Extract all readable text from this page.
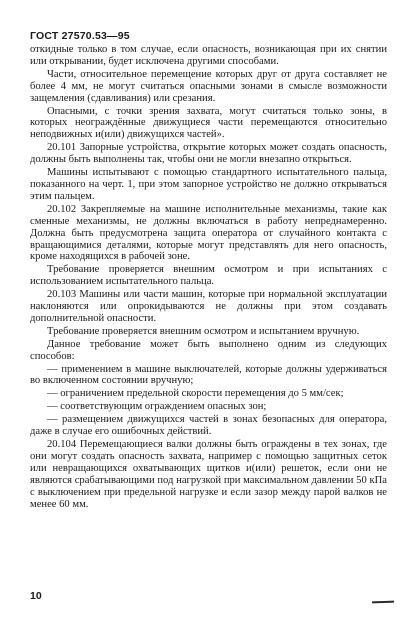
ГОСТ 27570.53—95

откидные только в том случае, если опасность, возникающая при их снятии или открывании, будет исключена другими способами.

Части, относительное перемещение которых друг от друга составляет не более 4 мм, не могут считаться опасными зонами в смысле возможности защемления (сдавливания) или срезания.

Опасными, с точки зрения захвата, могут считаться только зоны, в которых неограждённые движущиеся части перемещаются относительно неподвижных и(или) движущихся частей».

20.101 Запорные устройства, открытие которых может создать опасность, должны быть выполнены так, чтобы они не могли внезапно открыться.

Машины испытывают с помощью стандартного испытательного пальца, показанного на черт. 1, при этом запорное устройство не должно открываться этим пальцем.

20.102 Закрепляемые на машине исполнительные механизмы, такие как сменные механизмы, не должны включаться в работу непреднамеренно. Должна быть предусмотрена защита оператора от случайного контакта с вращающимися деталями, которые могут представлять для него опасность, кроме находящихся в рабочей зоне.

Требование проверяется внешним осмотром и при испытаниях с использованием испытательного пальца.

20.103 Машины или части машин, которые при нормальной эксплуатации наклоняются или опрокидываются не должны при этом создавать дополнительной опасности.

Требование проверяется внешним осмотром и испытанием вручную.

Данное требование может быть выполнено одним из следующих способов:

— применением в машине выключателей, которые должны удерживаться во включенном состоянии вручную;

— ограничением предельной скорости перемещения до 5 мм/сек;

— соответствующим ограждением опасных зон;

— размещением движущихся частей в зонах безопасных для оператора, даже в случае его ошибочных действий.

20.104 Перемещающиеся валки должны быть ограждены в тех зонах, где они могут создать опасность захвата, например с помощью защитных сеток или невращающихся охватывающих щитков и(или) решеток, если они не являются срабатывающими под нагрузкой при максимальном давлении 50 кПа с выключением при предельной нагрузке и если зазор между парой валков не менее 60 мм.

10
